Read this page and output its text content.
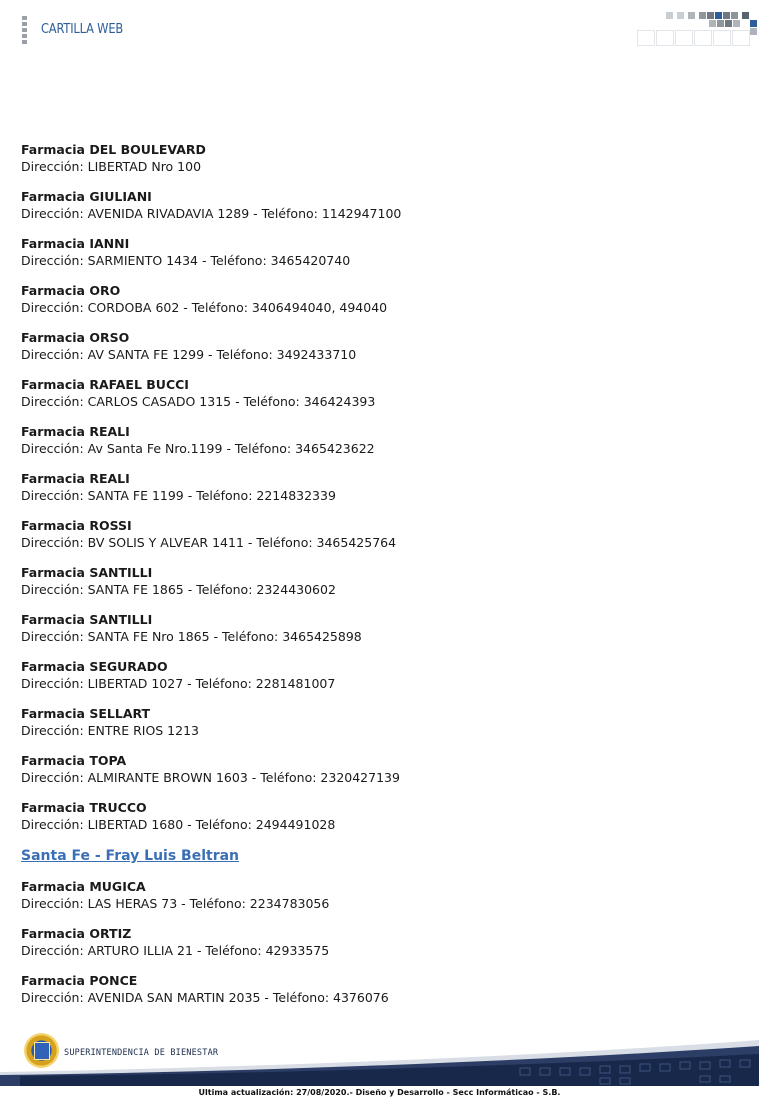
CARTILLA WEB
Farmacia DEL BOULEVARD
Dirección: LIBERTAD Nro 100
Farmacia GIULIANI
Dirección: AVENIDA RIVADAVIA 1289 - Teléfono: 1142947100
Farmacia IANNI
Dirección: SARMIENTO 1434 - Teléfono: 3465420740
Farmacia ORO
Dirección: CORDOBA 602 - Teléfono: 3406494040, 494040
Farmacia ORSO
Dirección: AV SANTA FE 1299 - Teléfono: 3492433710
Farmacia RAFAEL BUCCI
Dirección: CARLOS CASADO 1315 - Teléfono: 346424393
Farmacia REALI
Dirección: Av Santa Fe Nro.1199 - Teléfono: 3465423622
Farmacia REALI
Dirección: SANTA FE 1199 - Teléfono: 2214832339
Farmacia ROSSI
Dirección: BV SOLIS Y ALVEAR 1411 - Teléfono: 3465425764
Farmacia SANTILLI
Dirección: SANTA FE 1865 - Teléfono: 2324430602
Farmacia SANTILLI
Dirección: SANTA FE Nro 1865 - Teléfono: 3465425898
Farmacia SEGURADO
Dirección: LIBERTAD 1027 - Teléfono: 2281481007
Farmacia SELLART
Dirección: ENTRE RIOS 1213
Farmacia TOPA
Dirección: ALMIRANTE BROWN 1603 - Teléfono: 2320427139
Farmacia TRUCCO
Dirección: LIBERTAD 1680 - Teléfono: 2494491028
Santa Fe - Fray Luis Beltran
Farmacia MUGICA
Dirección: LAS HERAS 73 - Teléfono: 2234783056
Farmacia ORTIZ
Dirección: ARTURO ILLIA 21 - Teléfono: 42933575
Farmacia PONCE
Dirección: AVENIDA SAN MARTIN 2035 - Teléfono: 4376076
SUPERINTENDENCIA DE BIENESTAR
Ultima actualización: 27/08/2020.- Diseño y Desarrollo - Secc Informáticao - S.B.
